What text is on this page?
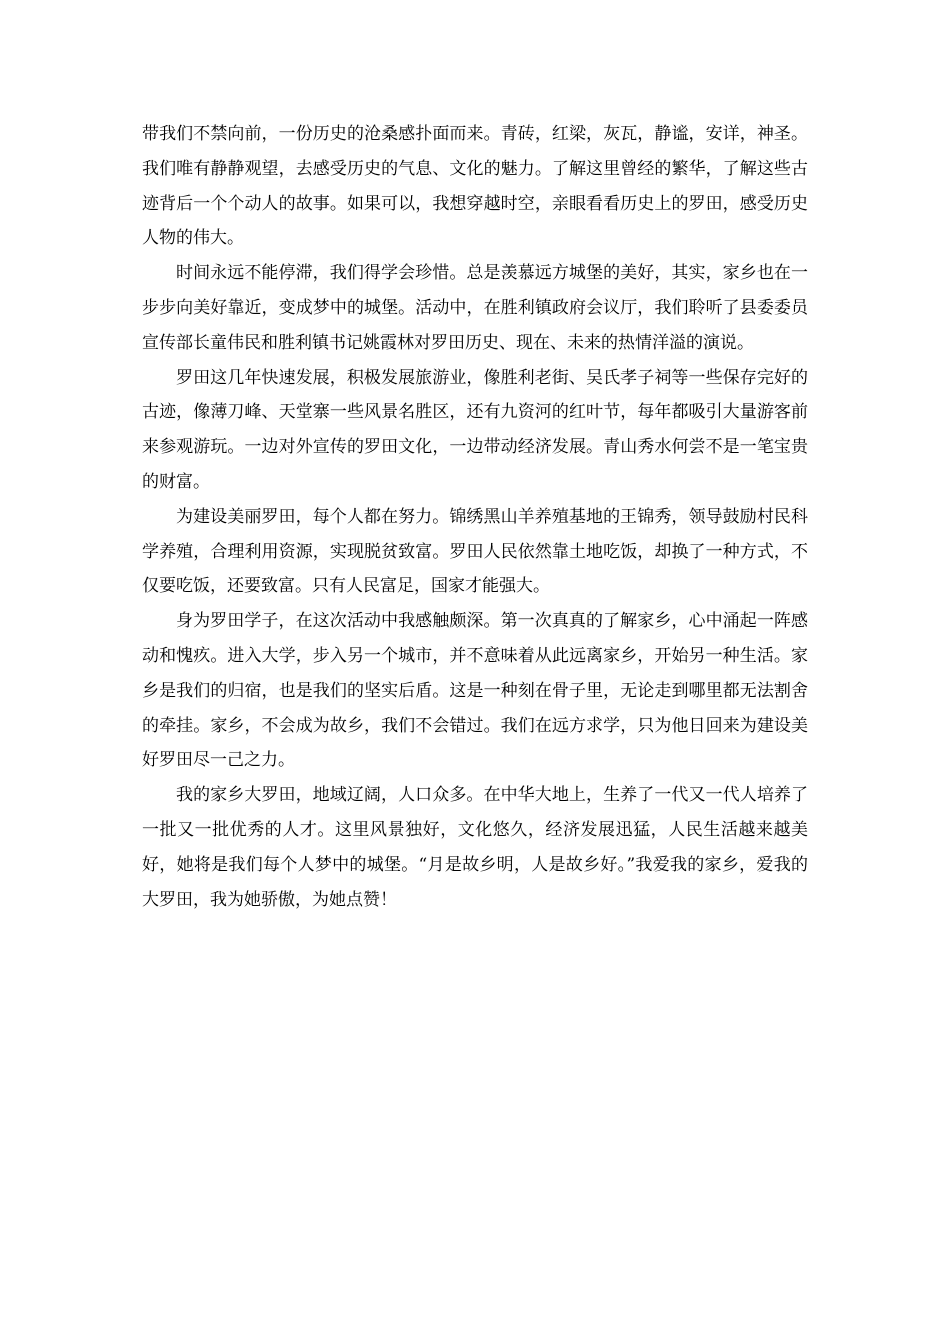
带我们不禁向前，一份历史的沧桑感扑面而来。青砖，红梁，灰瓦，静谧，安详，神圣。我们唯有静静观望，去感受历史的气息、文化的魅力。了解这里曾经的繁华，了解这些古迹背后一个个动人的故事。如果可以，我想穿越时空，亲眼看看历史上的罗田，感受历史人物的伟大。

时间永远不能停滞，我们得学会珍惜。总是羡慕远方城堡的美好，其实，家乡也在一步步向美好靠近，变成梦中的城堡。活动中，在胜利镇政府会议厅，我们聆听了县委委员宣传部长童伟民和胜利镇书记姚霞林对罗田历史、现在、未来的热情洋溢的演说。

罗田这几年快速发展，积极发展旅游业，像胜利老街、吴氏孝子祠等一些保存完好的古迹，像薄刀峰、天堂寨一些风景名胜区，还有九资河的红叶节，每年都吸引大量游客前来参观游玩。一边对外宣传的罗田文化，一边带动经济发展。青山秀水何尝不是一笔宝贵的财富。

为建设美丽罗田，每个人都在努力。锦绣黑山羊养殖基地的王锦秀，领导鼓励村民科学养殖，合理利用资源，实现脱贫致富。罗田人民依然靠土地吃饭，却换了一种方式，不仅要吃饭，还要致富。只有人民富足，国家才能强大。

身为罗田学子，在这次活动中我感触颇深。第一次真真的了解家乡，心中涌起一阵感动和愧疚。进入大学，步入另一个城市，并不意味着从此远离家乡，开始另一种生活。家乡是我们的归宿，也是我们的坚实后盾。这是一种刻在骨子里，无论走到哪里都无法割舍的牵挂。家乡，不会成为故乡，我们不会错过。我们在远方求学，只为他日回来为建设美好罗田尽一己之力。

我的家乡大罗田，地域辽阔，人口众多。在中华大地上，生养了一代又一代人培养了一批又一批优秀的人才。这里风景独好，文化悠久，经济发展迅猛，人民生活越来越美好，她将是我们每个人梦中的城堡。“月是故乡明，人是故乡好。”我爱我的家乡，爱我的大罗田，我为她骄傲，为她点赞！
